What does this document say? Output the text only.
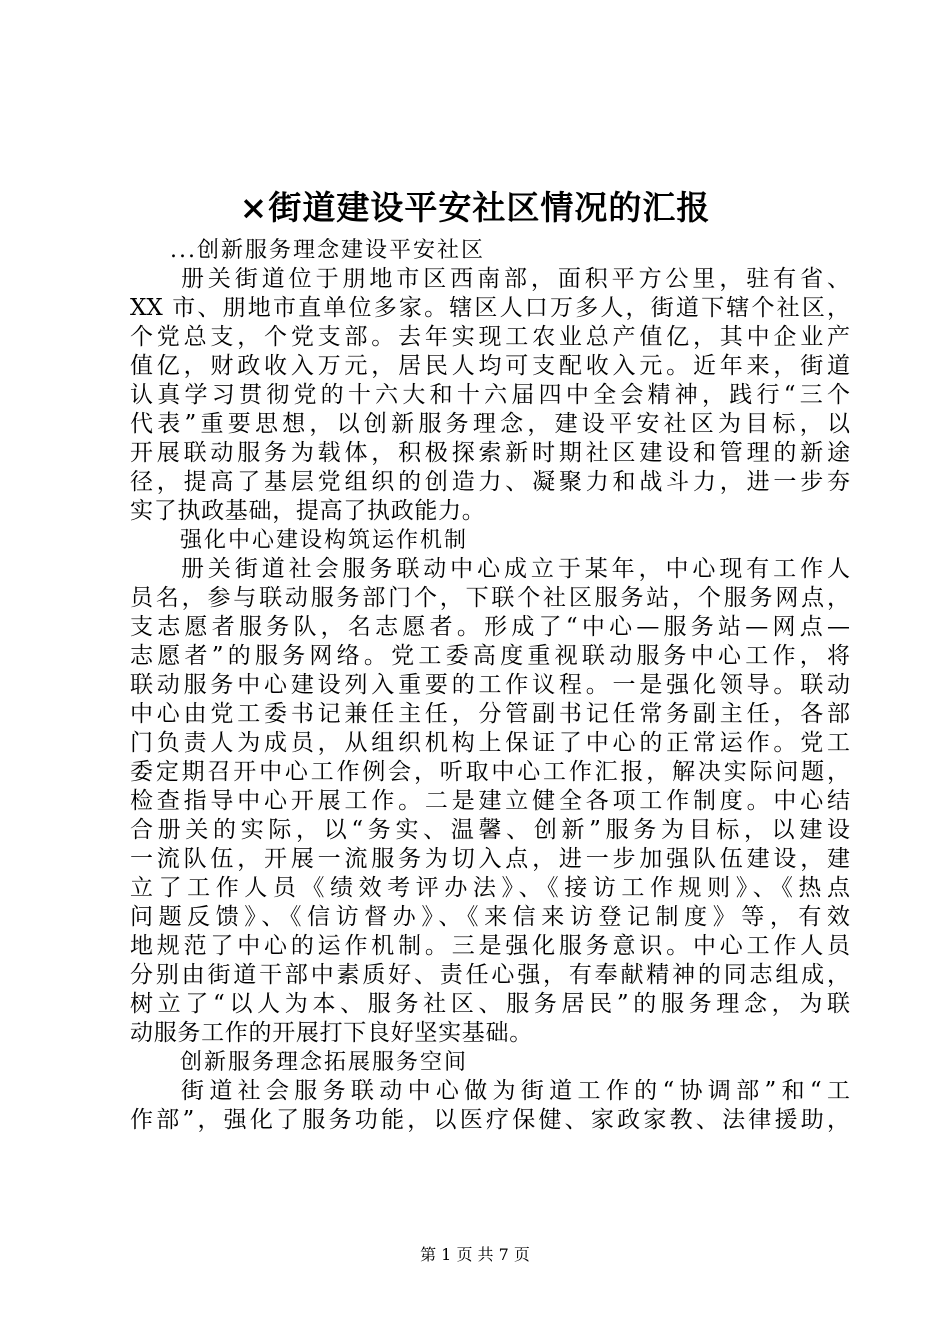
×街道建设平安社区情况的汇报
...创新服务理念建设平安社区
册关街道位于朋地市区西南部，面积平方公里，驻有省、
XX 市、朋地市直单位多家。辖区人口万多人，街道下辖个社区，
个党总支，个党支部。去年实现工农业总产值亿，其中企业产
值亿，财政收入万元，居民人均可支配收入元。近年来，街道
认真学习贯彻党的十六大和十六届四中全会精神，践行“三个
代表”重要思想，以创新服务理念，建设平安社区为目标，以
开展联动服务为载体，积极探索新时期社区建设和管理的新途
径，提高了基层党组织的创造力、凝聚力和战斗力，进一步夯
实了执政基础，提高了执政能力。
强化中心建设构筑运作机制
册关街道社会服务联动中心成立于某年，中心现有工作人
员名，参与联动服务部门个，下联个社区服务站，个服务网点，
支志愿者服务队，名志愿者。形成了“中心—服务站—网点—
志愿者”的服务网络。党工委高度重视联动服务中心工作，将
联动服务中心建设列入重要的工作议程。一是强化领导。联动
中心由党工委书记兼任主任，分管副书记任常务副主任，各部
门负责人为成员，从组织机构上保证了中心的正常运作。党工
委定期召开中心工作例会，听取中心工作汇报，解决实际问题，
检查指导中心开展工作。二是建立健全各项工作制度。中心结
合册关的实际，以“务实、温馨、创新”服务为目标，以建设
一流队伍，开展一流服务为切入点，进一步加强队伍建设，建
立了工作人员《绩效考评办法》、《接访工作规则》、《热点
问题反馈》、《信访督办》、《来信来访登记制度》等，有效
地规范了中心的运作机制。三是强化服务意识。中心工作人员
分别由街道干部中素质好、责任心强，有奉献精神的同志组成，
树立了“以人为本、服务社区、服务居民”的服务理念，为联
动服务工作的开展打下良好坚实基础。
创新服务理念拓展服务空间
街道社会服务联动中心做为街道工作的“协调部”和“工
作部”，强化了服务功能，以医疗保健、家政家教、法律援助，
第 1 页 共 7 页
